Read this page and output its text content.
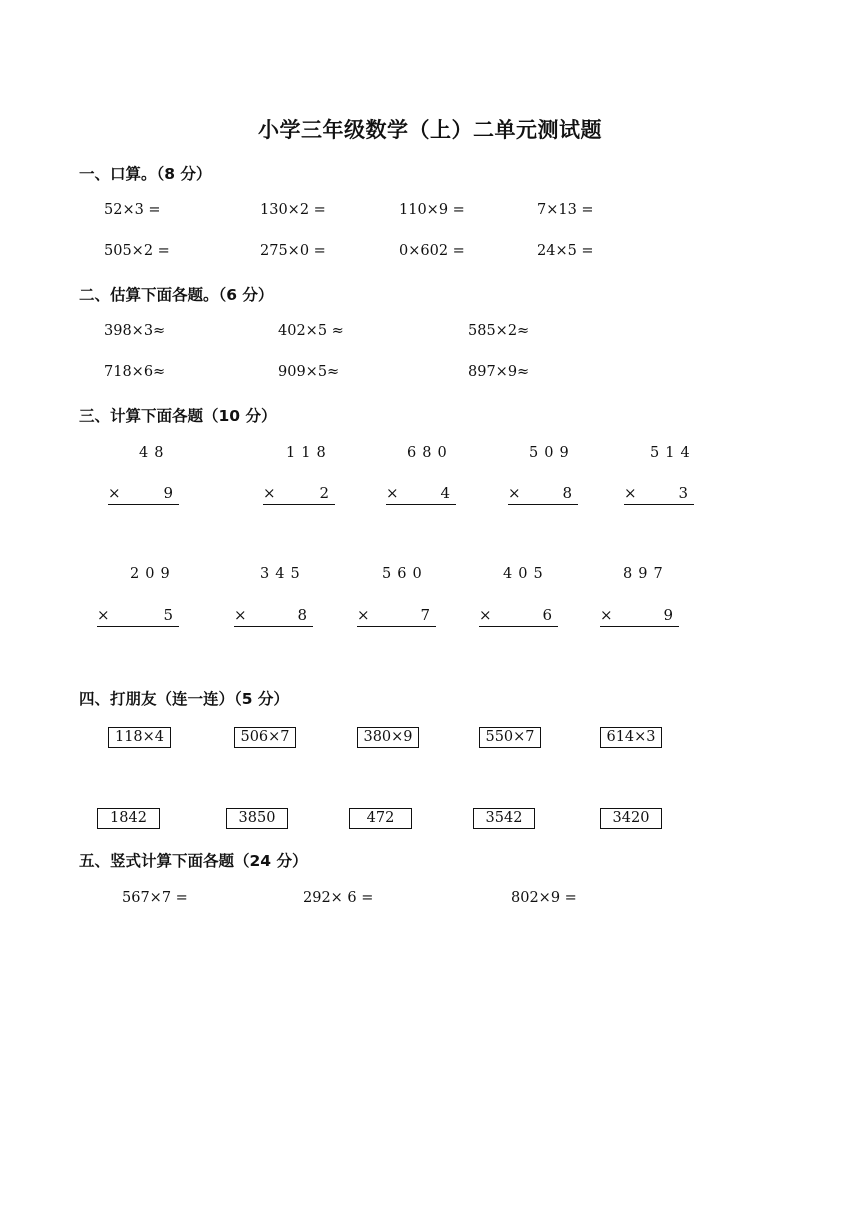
小学三年级数学（上）二单元测试题
一、口算。（8 分）
52×3 =	130×2 =	110×9 =	7×13 =
505×2 =	275×0 =	0×602 =	24×5 =
二、估算下面各题。（6 分）
398×3≈	402×5 ≈	585×2≈
718×6≈	909×5≈	897×9≈
三、计算下面各题（10 分）
48
×	9
118
×	2
680
×	4
509
×	8
514
×	3
209
×	5
345
×	8
560
×	7
405
×	6
897
×	9
四、打朋友（连一连）（5 分）
118×4	506×7	380×9	550×7	614×3
1842	3850	472	3542	3420
五、竖式计算下面各题（24 分）
567×7 =	292× 6 =	802×9 =
